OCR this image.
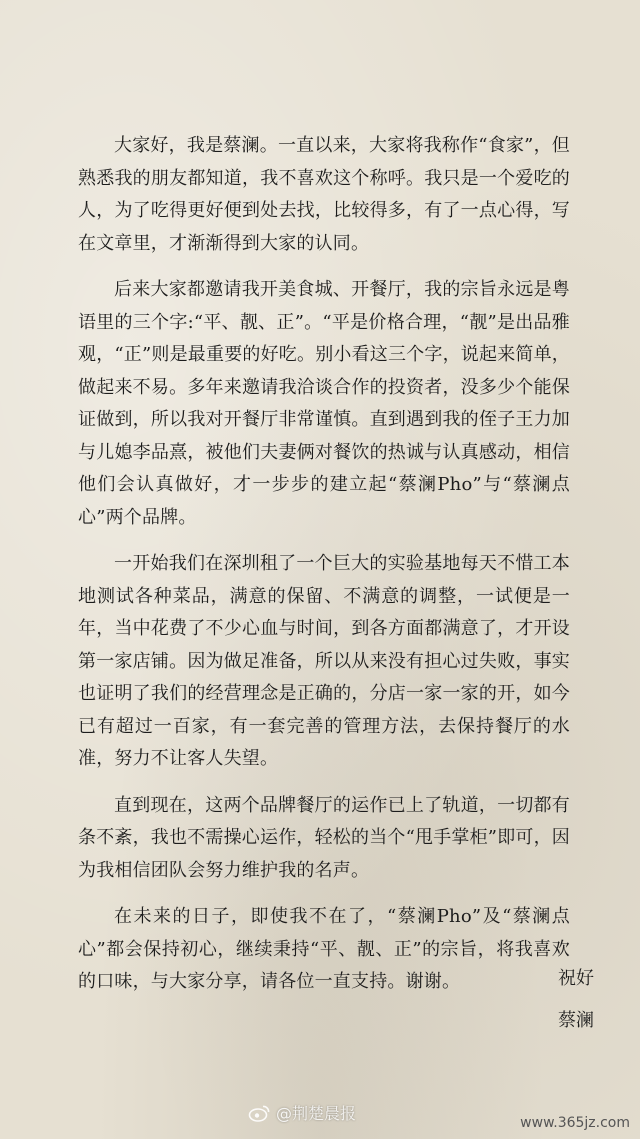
大家好，我是蔡澜。一直以来，大家将我称作“食家”，但熟悉我的朋友都知道，我不喜欢这个称呼。我只是一个爱吃的人，为了吃得更好便到处去找，比较得多，有了一点心得，写在文章里，才渐渐得到大家的认同。

后来大家都邀请我开美食城、开餐厅，我的宗旨永远是粤语里的三个字:“平、靓、正”。“平是价格合理，“靓”是出品雅观，“正”则是最重要的好吃。别小看这三个字，说起来简单，做起来不易。多年来邀请我洽谈合作的投资者，没多少个能保证做到，所以我对开餐厅非常谨慎。直到遇到我的侄子王力加与儿媳李品熹，被他们夫妻俩对餐饮的热诚与认真感动，相信他们会认真做好，才一步步的建立起“蔡澜Pho”与“蔡澜点心”两个品牌。

一开始我们在深圳租了一个巨大的实验基地每天不惜工本地测试各种菜品，满意的保留、不满意的调整，一试便是一年，当中花费了不少心血与时间，到各方面都满意了，才开设第一家店铺。因为做足准备，所以从来没有担心过失败，事实也证明了我们的经营理念是正确的，分店一家一家的开，如今已有超过一百家，有一套完善的管理方法，去保持餐厅的水准，努力不让客人失望。

直到现在，这两个品牌餐厅的运作已上了轨道，一切都有条不紊，我也不需操心运作，轻松的当个“甩手掌柜”即可，因为我相信团队会努力维护我的名声。

在未来的日子，即使我不在了，“蔡澜Pho”及“蔡澜点心”都会保持初心，继续秉持“平、靓、正”的宗旨，将我喜欢的口味，与大家分享，请各位一直支持。谢谢。	祝好
蔡澜
@荆楚晨报	www.365jz.com
